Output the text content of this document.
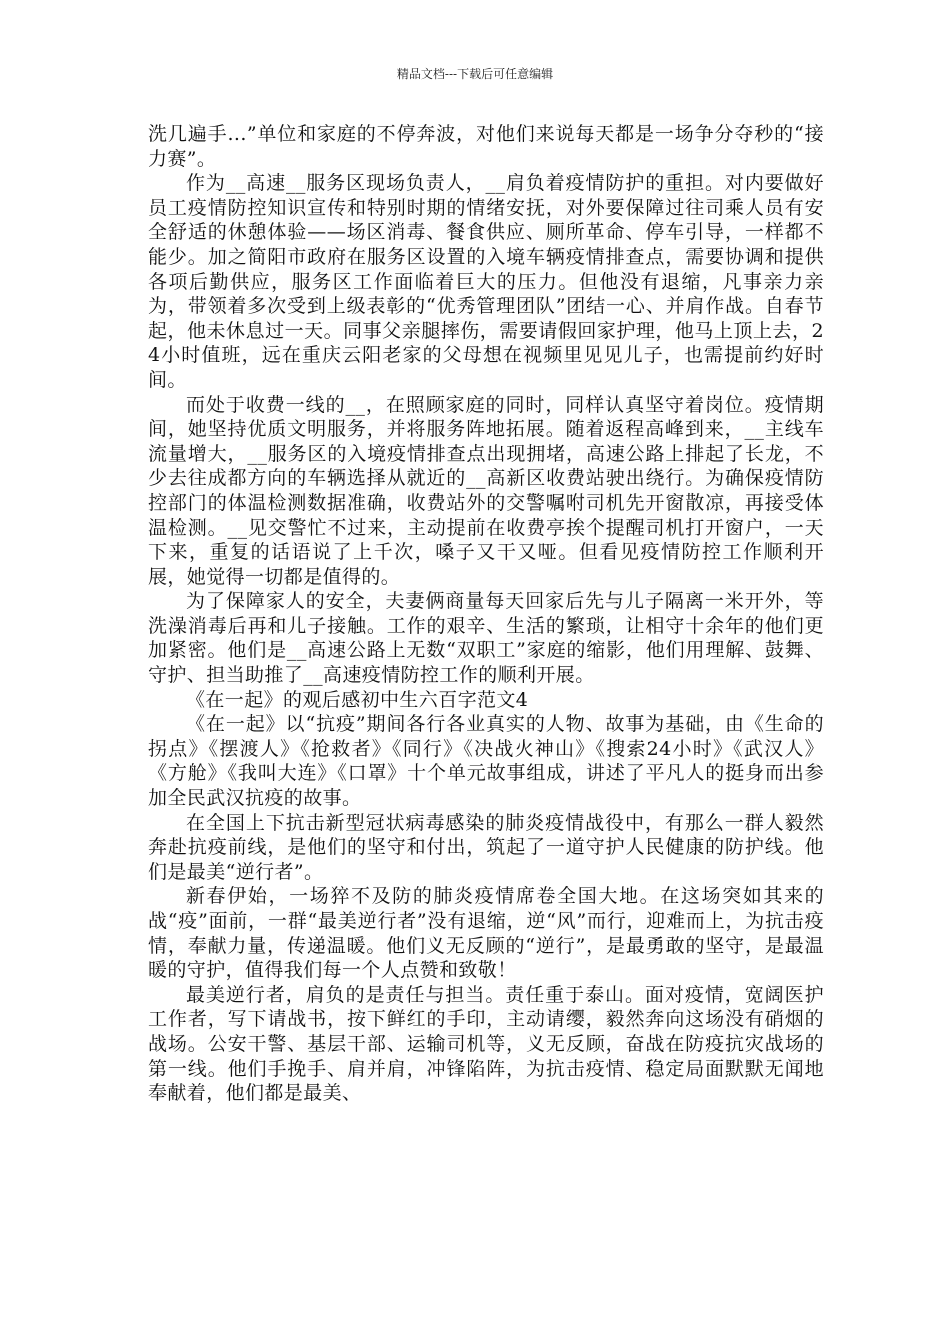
精品文档---下载后可任意编辑

洗几遍手...”单位和家庭的不停奔波，对他们来说每天都是一场争分夺秒的“接力赛”。

作为__高速__服务区现场负责人，__肩负着疫情防护的重担。对内要做好员工疫情防控知识宣传和特别时期的情绪安抚，对外要保障过往司乘人员有安全舒适的休憩体验——场区消毒、餐食供应、厕所革命、停车引导，一样都不能少。加之简阳市政府在服务区设置的入境车辆疫情排查点，需要协调和提供各项后勤供应，服务区工作面临着巨大的压力。但他没有退缩，凡事亲力亲为，带领着多次受到上级表彰的“优秀管理团队”团结一心、并肩作战。自春节起，他未休息过一天。同事父亲腿摔伤，需要请假回家护理，他马上顶上去，24小时值班，远在重庆云阳老家的父母想在视频里见见儿子，也需提前约好时间。

而处于收费一线的__，在照顾家庭的同时，同样认真坚守着岗位。疫情期间，她坚持优质文明服务，并将服务阵地拓展。随着返程高峰到来，__主线车流量增大，__服务区的入境疫情排查点出现拥堵，高速公路上排起了长龙，不少去往成都方向的车辆选择从就近的__高新区收费站驶出绕行。为确保疫情防控部门的体温检测数据准确，收费站外的交警嘱咐司机先开窗散凉，再接受体温检测。__见交警忙不过来，主动提前在收费亭挨个提醒司机打开窗户，一天下来，重复的话语说了上千次，嗓子又干又哑。但看见疫情防控工作顺利开展，她觉得一切都是值得的。

为了保障家人的安全，夫妻俩商量每天回家后先与儿子隔离一米开外，等洗澡消毒后再和儿子接触。工作的艰辛、生活的繁琐，让相守十余年的他们更加紧密。他们是__高速公路上无数“双职工”家庭的缩影，他们用理解、鼓舞、守护、担当助推了__高速疫情防控工作的顺利开展。

《在一起》的观后感初中生六百字范文4

《在一起》以“抗疫”期间各行各业真实的人物、故事为基础，由《生命的拐点》《摆渡人》《抢救者》《同行》《决战火神山》《搜索24小时》《武汉人》《方舱》《我叫大连》《口罩》十个单元故事组成，讲述了平凡人的挺身而出参加全民武汉抗疫的故事。

在全国上下抗击新型冠状病毒感染的肺炎疫情战役中，有那么一群人毅然奔赴抗疫前线，是他们的坚守和付出，筑起了一道守护人民健康的防护线。他们是最美“逆行者”。

新春伊始，一场猝不及防的肺炎疫情席卷全国大地。在这场突如其来的战“疫”面前，一群“最美逆行者”没有退缩，逆“风”而行，迎难而上，为抗击疫情，奉献力量，传递温暖。他们义无反顾的“逆行”，是最勇敢的坚守，是最温暖的守护，值得我们每一个人点赞和致敬！

最美逆行者，肩负的是责任与担当。责任重于泰山。面对疫情，宽阔医护工作者，写下请战书，按下鲜红的手印，主动请缨，毅然奔向这场没有硝烟的战场。公安干警、基层干部、运输司机等，义无反顾，奋战在防疫抗灾战场的第一线。他们手挽手、肩并肩，冲锋陷阵，为抗击疫情、稳定局面默默无闻地奉献着，他们都是最美、
